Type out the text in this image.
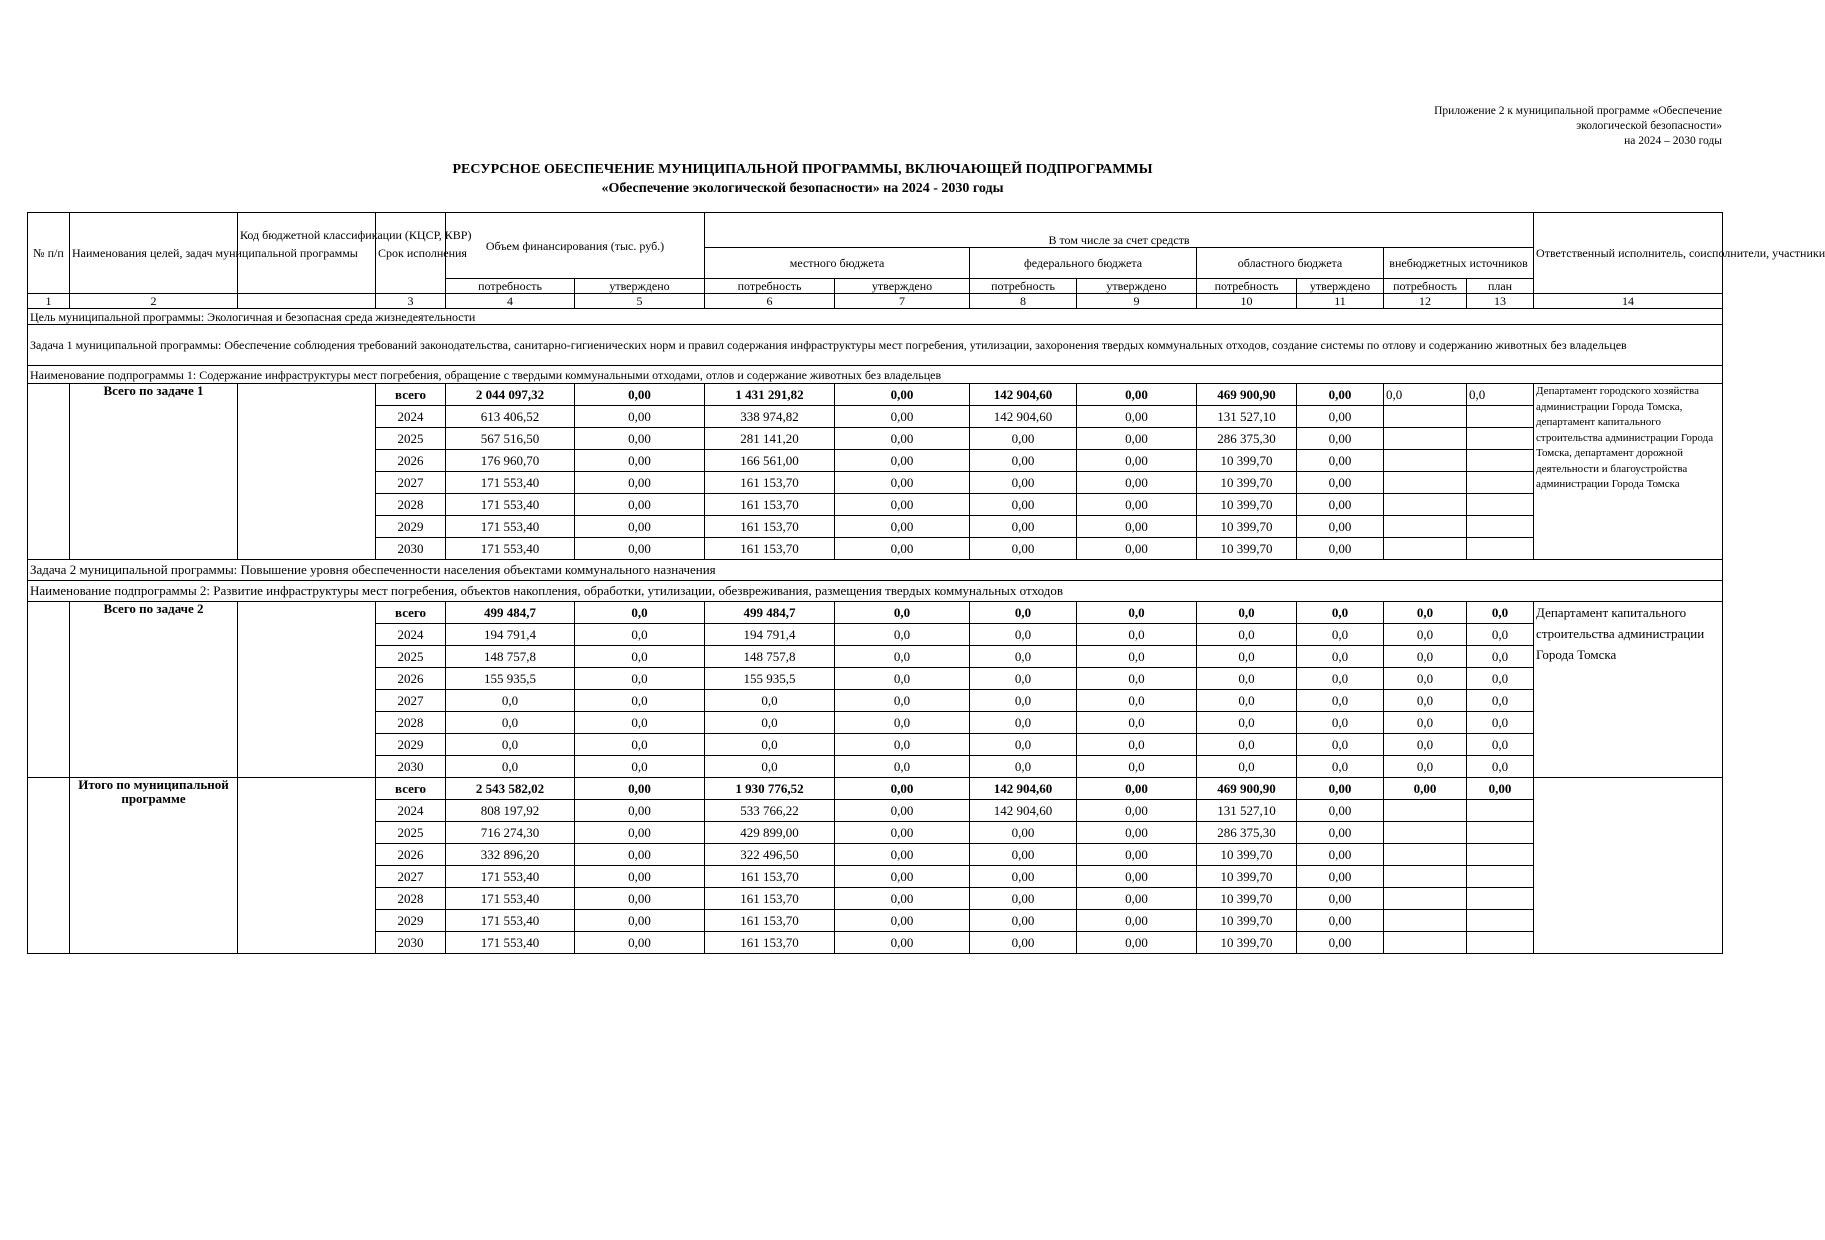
Приложение 2 к муниципальной программе «Обеспечение
экологической безопасности»
на 2024 – 2030 годы
РЕСУРСНОЕ ОБЕСПЕЧЕНИЕ МУНИЦИПАЛЬНОЙ ПРОГРАММЫ, ВКЛЮЧАЮЩЕЙ ПОДПРОГРАММЫ
«Обеспечение экологической безопасности» на 2024 - 2030 годы
№ п/п	Наименования целей, задач муниципальной программы	Код бюджетной классификации (КЦСР, КВР)	Срок исполнения	Объем финансирования (тыс. руб.)		В том числе за счет средств								Ответственный исполнитель, соисполнители, участники
						местного бюджета		федерального бюджета		областного бюджета		внебюджетных источников		
				потребность	утверждено	потребность	утверждено	потребность	утверждено	потребность	утверждено	потребность	план	
1	2		3	4	5	6	7	8	9	10	11	12	13	14
Цель муниципальной программы: Экологичная и безопасная среда жизнедеятельности														
Задача 1 муниципальной программы: Обеспечение соблюдения требований законодательства, санитарно-гигиенических норм и правил содержания инфраструктуры мест погребения, утилизации, захоронения твердых коммунальных отходов, создание системы по отлову и содержанию животных без владельцев														
Наименование подпрограммы 1: Содержание инфраструктуры мест погребения, обращение с твердыми коммунальными отходами, отлов и содержание животных без владельцев														
	Всего по задаче 1		всего	2 044 097,32	0,00	1 431 291,82	0,00	142 904,60	0,00	469 900,90	0,00	0,0	0,0	Департамент городского хозяйства администрации Города Томска, департамент капитального строительства администрации Города Томска, департамент дорожной деятельности и благоустройства администрации Города Томска
			2024	613 406,52	0,00	338 974,82	0,00	142 904,60	0,00	131 527,10	0,00			
			2025	567 516,50	0,00	281 141,20	0,00	0,00	0,00	286 375,30	0,00			
			2026	176 960,70	0,00	166 561,00	0,00	0,00	0,00	10 399,70	0,00			
			2027	171 553,40	0,00	161 153,70	0,00	0,00	0,00	10 399,70	0,00			
			2028	171 553,40	0,00	161 153,70	0,00	0,00	0,00	10 399,70	0,00			
			2029	171 553,40	0,00	161 153,70	0,00	0,00	0,00	10 399,70	0,00			
			2030	171 553,40	0,00	161 153,70	0,00	0,00	0,00	10 399,70	0,00			
Задача 2 муниципальной программы: Повышение уровня обеспеченности населения объектами коммунального назначения														
Наименование подпрограммы 2: Развитие инфраструктуры мест погребения, объектов накопления, обработки, утилизации, обезвреживания, размещения твердых коммунальных отходов														
	Всего по задаче 2		всего	499 484,7	0,0	499 484,7	0,0	0,0	0,0	0,0	0,0	0,0	0,0	Департамент капитального строительства администрации Города Томска
			2024	194 791,4	0,0	194 791,4	0,0	0,0	0,0	0,0	0,0	0,0	0,0	
			2025	148 757,8	0,0	148 757,8	0,0	0,0	0,0	0,0	0,0	0,0	0,0	
			2026	155 935,5	0,0	155 935,5	0,0	0,0	0,0	0,0	0,0	0,0	0,0	
			2027	0,0	0,0	0,0	0,0	0,0	0,0	0,0	0,0	0,0	0,0	
			2028	0,0	0,0	0,0	0,0	0,0	0,0	0,0	0,0	0,0	0,0	
			2029	0,0	0,0	0,0	0,0	0,0	0,0	0,0	0,0	0,0	0,0	
			2030	0,0	0,0	0,0	0,0	0,0	0,0	0,0	0,0	0,0	0,0	
	Итого по муниципальной программе		всего	2 543 582,02	0,00	1 930 776,52	0,00	142 904,60	0,00	469 900,90	0,00	0,00	0,00	
			2024	808 197,92	0,00	533 766,22	0,00	142 904,60	0,00	131 527,10	0,00			
			2025	716 274,30	0,00	429 899,00	0,00	0,00	0,00	286 375,30	0,00			
			2026	332 896,20	0,00	322 496,50	0,00	0,00	0,00	10 399,70	0,00			
			2027	171 553,40	0,00	161 153,70	0,00	0,00	0,00	10 399,70	0,00			
			2028	171 553,40	0,00	161 153,70	0,00	0,00	0,00	10 399,70	0,00			
			2029	171 553,40	0,00	161 153,70	0,00	0,00	0,00	10 399,70	0,00			
			2030	171 553,40	0,00	161 153,70	0,00	0,00	0,00	10 399,70	0,00			
